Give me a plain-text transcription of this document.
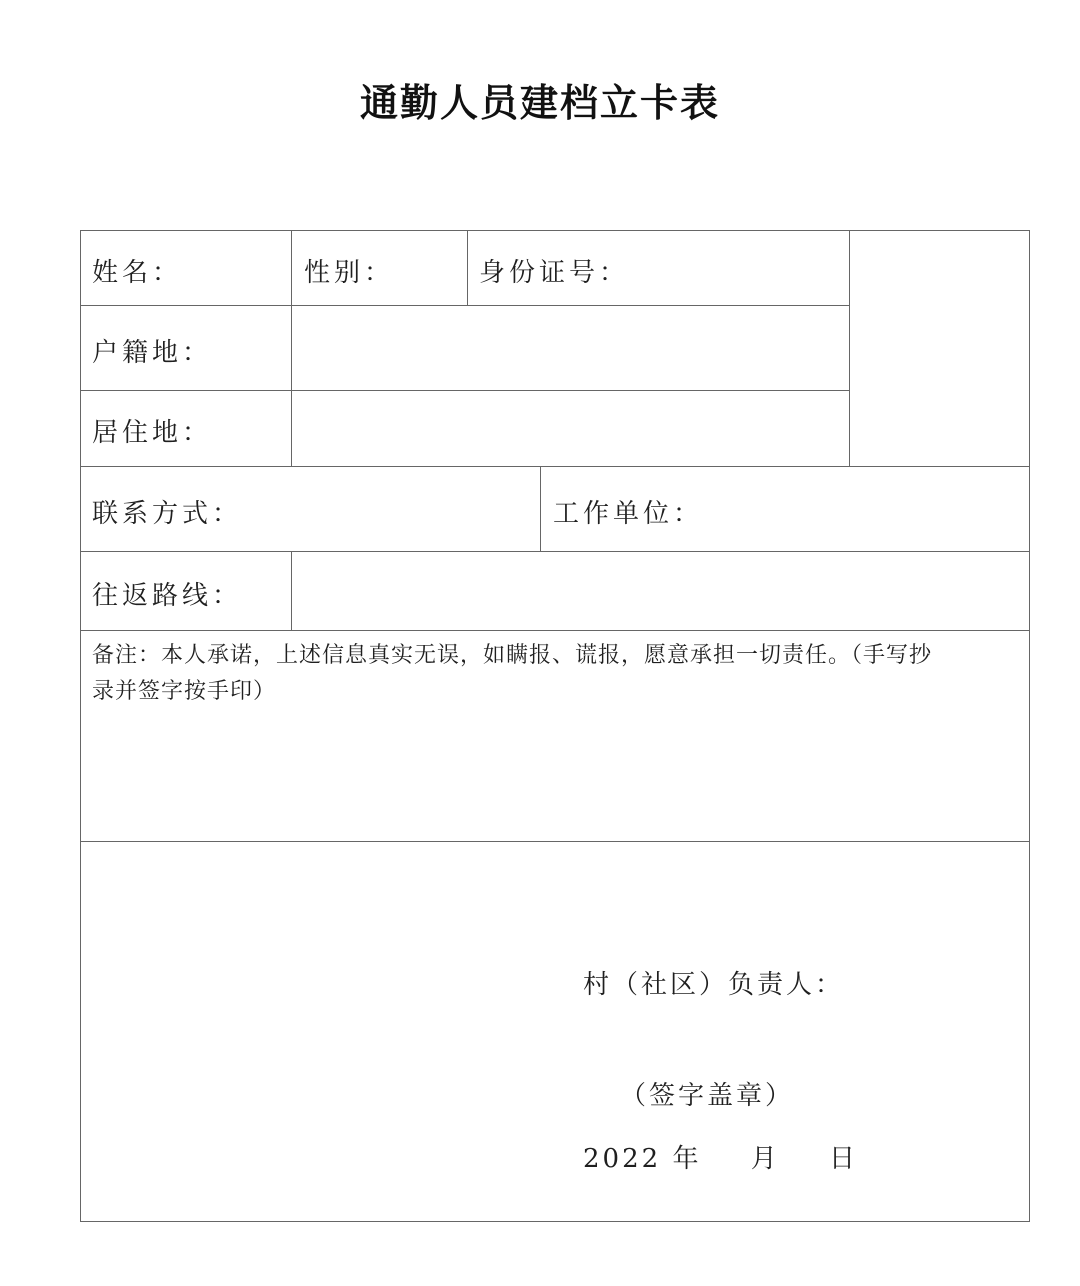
通勤人员建档立卡表
姓名：	性别：	身份证号：
户籍地：
居住地：
联系方式：	工作单位：
往返路线：
备注：本人承诺，上述信息真实无误，如瞒报、谎报，愿意承担一切责任。（手写抄
录并签字按手印）
村（社区）负责人：
（签字盖章）
2022 年 月 日
